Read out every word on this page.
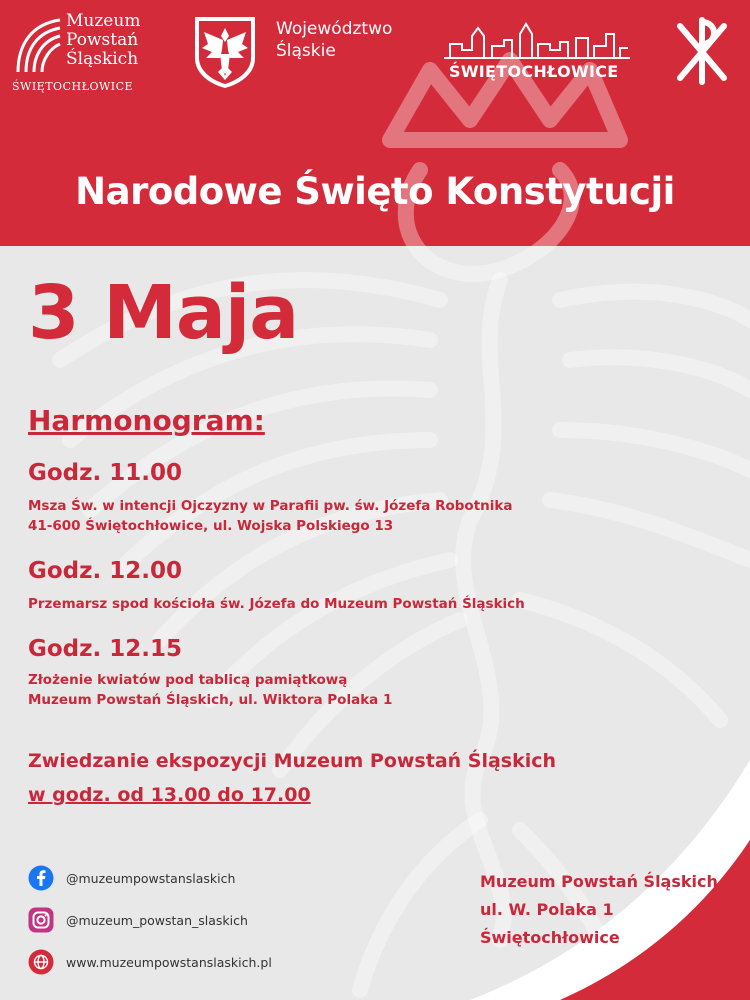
Muzeum
Powstań
Śląskich
ŚWIĘTOCHŁOWICE
Województwo
Śląskie
ŚWIĘTOCHŁOWICE
Narodowe Święto Konstytucji
3 Maja
Harmonogram:
Godz. 11.00
Msza Św. w intencji Ojczyzny w Parafii pw. św. Józefa Robotnika
41-600 Świętochłowice, ul. Wojska Polskiego 13
Godz. 12.00
Przemarsz spod kościoła św. Józefa do Muzeum Powstań Śląskich
Godz. 12.15
Złożenie kwiatów pod tablicą pamiątkową
Muzeum Powstań Śląskich, ul. Wiktora Polaka 1
Zwiedzanie ekspozycji Muzeum Powstań Śląskich
w godz. od 13.00 do 17.00
@muzeumpowstanslaskich
@muzeum_powstan_slaskich
www.muzeumpowstanslaskich.pl
Muzeum Powstań Śląskich
ul. W. Polaka 1
Świętochłowice
